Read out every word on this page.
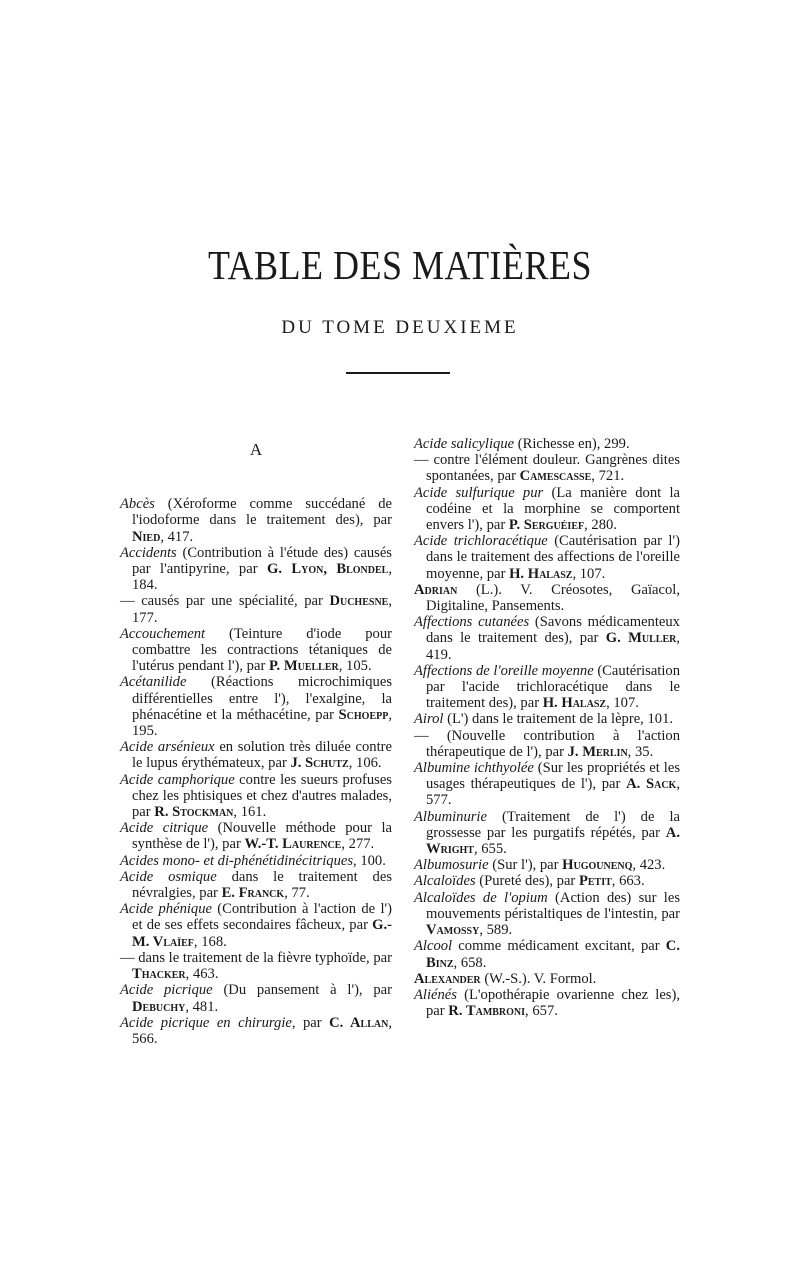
TABLE DES MATIÈRES
DU TOME DEUXIEME
A

Abcès (Xéroforme comme succédané de l'iodoforme dans le traitement des), par Nied, 417.

Accidents (Contribution à l'étude des) causés par l'antipyrine, par G. Lyon, Blondel, 184.

— causés par une spécialité, par Duchesne, 177.

Accouchement (Teinture d'iode pour combattre les contractions tétaniques de l'utérus pendant l'), par P. Mueller, 105.

Acétanilide (Réactions microchimiques différentielles entre l'), l'exalgine, la phénacétine et la méthacétine, par Schoepp, 195.

Acide arsénieux en solution très diluée contre le lupus érythémateux, par J. Schutz, 106.

Acide camphorique contre les sueurs profuses chez les phtisiques et chez d'autres malades, par R. Stockman, 161.

Acide citrique (Nouvelle méthode pour la synthèse de l'), par W.-T. Laurence, 277.

Acides mono- et di-phénétidinécitriques, 100.

Acide osmique dans le traitement des névralgies, par E. Franck, 77.

Acide phénique (Contribution à l'action de l') et de ses effets secondaires fâcheux, par G.-M. Vlaïef, 168.

— dans le traitement de la fièvre typhoïde, par Thacker, 463.

Acide picrique (Du pansement à l'), par Debuchy, 481.

Acide picrique en chirurgie, par C. Allan, 566.

Acide salicylique (Richesse en), 299.

— contre l'élément douleur. Gangrènes dites spontanées, par Camescasse, 721.

Acide sulfurique pur (La manière dont la codéine et la morphine se comportent envers l'), par P. Serguéief, 280.

Acide trichloracétique (Cautérisation par l') dans le traitement des affections de l'oreille moyenne, par H. Halasz, 107.

Adrian (L.). V. Créosotes, Gaïacol, Digitaline, Pansements.

Affections cutanées (Savons médicamenteux dans le traitement des), par G. Muller, 419.

Affections de l'oreille moyenne (Cautérisation par l'acide trichloracétique dans le traitement des), par H. Halasz, 107.

Airol (L') dans le traitement de la lèpre, 101.

— (Nouvelle contribution à l'action thérapeutique de l'), par J. Merlin, 35.

Albumine ichthyolée (Sur les propriétés et les usages thérapeutiques de l'), par A. Sack, 577.

Albuminurie (Traitement de l') de la grossesse par les purgatifs répétés, par A. Wright, 655.

Albumosurie (Sur l'), par Hugounenq, 423.

Alcaloïdes (Pureté des), par Petit, 663.

Alcaloïdes de l'opium (Action des) sur les mouvements péristaltiques de l'intestin, par Vamossy, 589.

Alcool comme médicament excitant, par C. Binz, 658.

Alexander (W.-S.). V. Formol.

Aliénés (L'opothérapie ovarienne chez les), par R. Tambroni, 657.
